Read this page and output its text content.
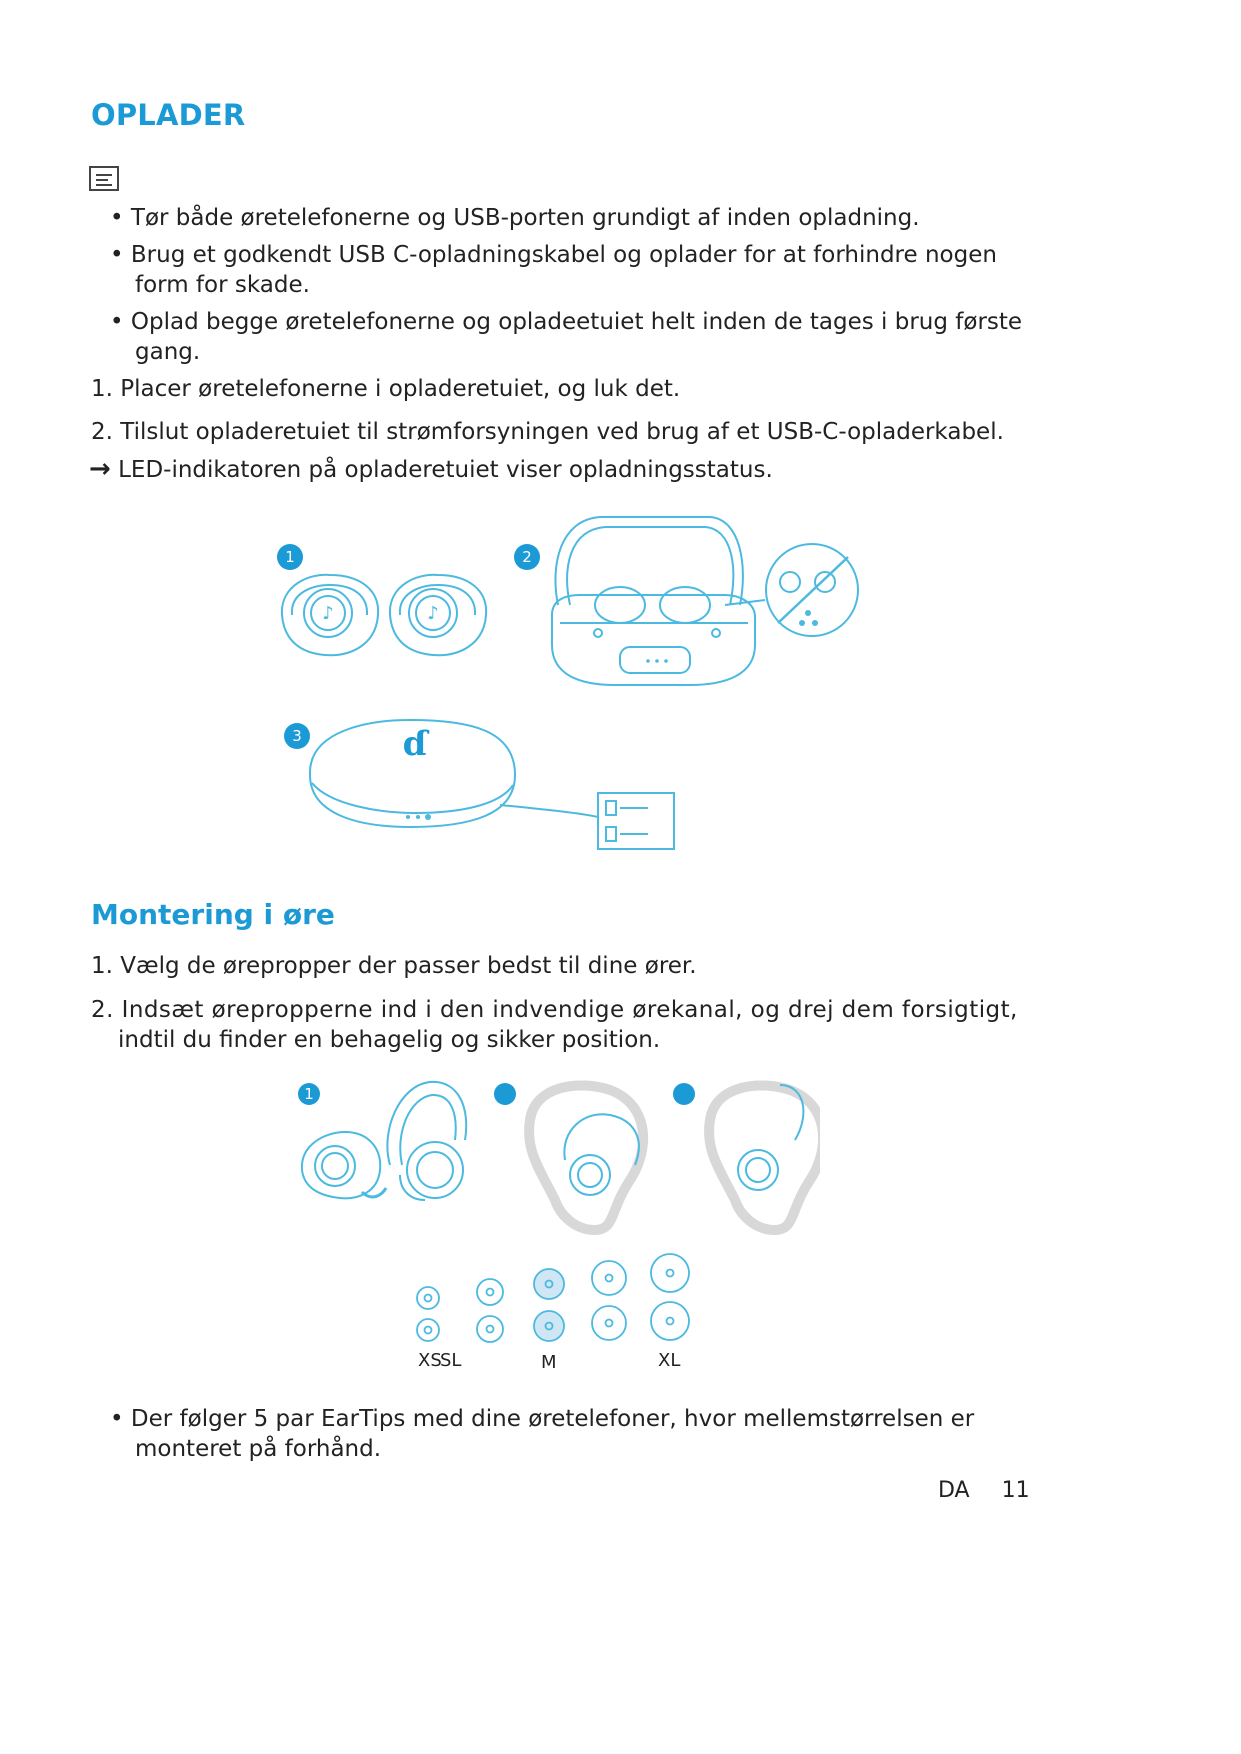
OPLADER
• Tør både øretelefonerne og USB-porten grundigt af inden opladning.
• Brug et godkendt USB C-opladningskabel og oplader for at forhindre nogen
form for skade.
• Oplad begge øretelefonerne og opladeetuiet helt inden de tages i brug første
gang.
1. Placer øretelefonerne i opladeretuiet, og luk det.
2. Tilslut opladeretuiet til strømforsyningen ved brug af et USB-C-opladerkabel.
→ LED-indikatoren på opladeretuiet viser opladningsstatus.
♪	♪
ɗ
1	2
3
Montering i øre
1. Vælg de ørepropper der passer bedst til dine ører.
2. Indsæt ørepropperne ind i den indvendige ørekanal, og drej dem forsigtigt,
indtil du finder en behagelig og sikker position.
1
XS
SL	M	XL
• Der følger 5 par EarTips med dine øretelefoner, hvor mellemstørrelsen er
monteret på forhånd.
DA 11
